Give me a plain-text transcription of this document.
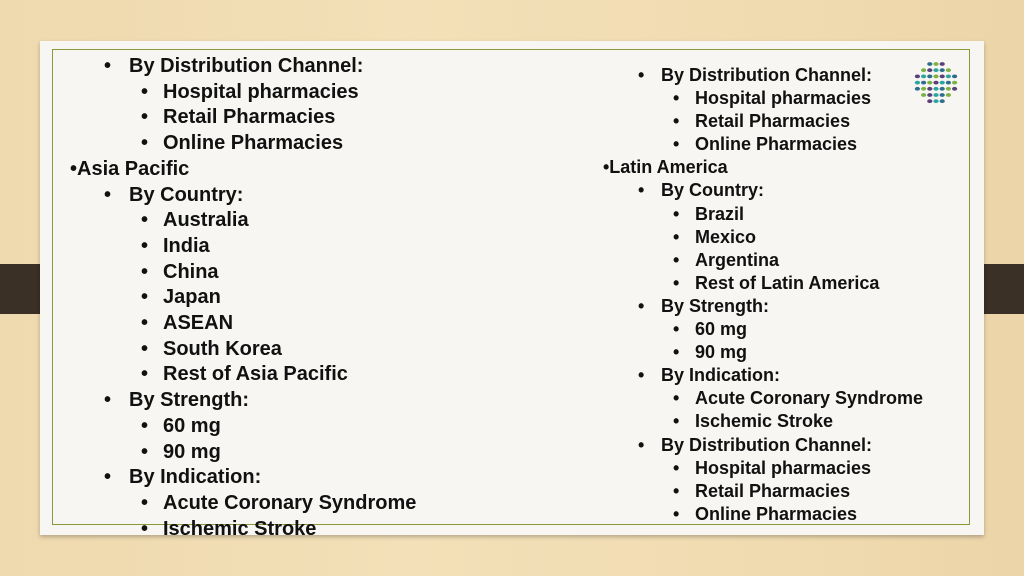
• By Distribution Channel:
• Hospital pharmacies
• Retail Pharmacies
• Online Pharmacies
•Asia Pacific
• By Country:
• Australia
• India
• China
• Japan
• ASEAN
• South Korea
• Rest of Asia Pacific
• By Strength:
• 60 mg
• 90 mg
• By Indication:
• Acute Coronary Syndrome
• Ischemic Stroke
• By Distribution Channel:
• Hospital pharmacies
• Retail Pharmacies
• Online Pharmacies
•Latin America
• By Country:
• Brazil
• Mexico
• Argentina
• Rest of Latin America
• By Strength:
• 60 mg
• 90 mg
• By Indication:
• Acute Coronary Syndrome
• Ischemic Stroke
• By Distribution Channel:
• Hospital pharmacies
• Retail Pharmacies
• Online Pharmacies
